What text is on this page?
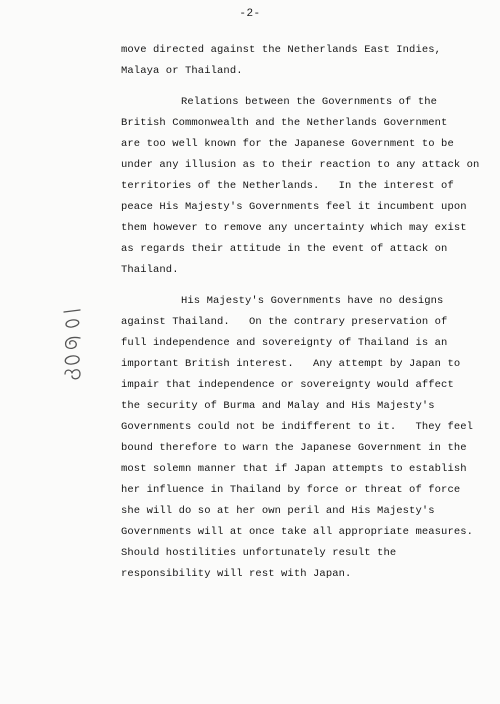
-2-
move directed against the Netherlands East Indies,
Malaya or Thailand.
Relations between the Governments of the
British Commonwealth and the Netherlands Government
are too well known for the Japanese Government to be
under any illusion as to their reaction to any attack on
territories of the Netherlands.   In the interest of
peace His Majesty's Governments feel it incumbent upon
them however to remove any uncertainty which may exist
as regards their attitude in the event of attack on
Thailand.
His Majesty's Governments have no designs
against Thailand.   On the contrary preservation of
full independence and sovereignty of Thailand is an
important British interest.   Any attempt by Japan to
impair that independence or sovereignty would affect
the security of Burma and Malay and His Majesty's
Governments could not be indifferent to it.   They feel
bound therefore to warn the Japanese Government in the
most solemn manner that if Japan attempts to establish
her influence in Thailand by force or threat of force
she will do so at her own peril and His Majesty's
Governments will at once take all appropriate measures.
Should hostilities unfortunately result the
responsibility will rest with Japan.
